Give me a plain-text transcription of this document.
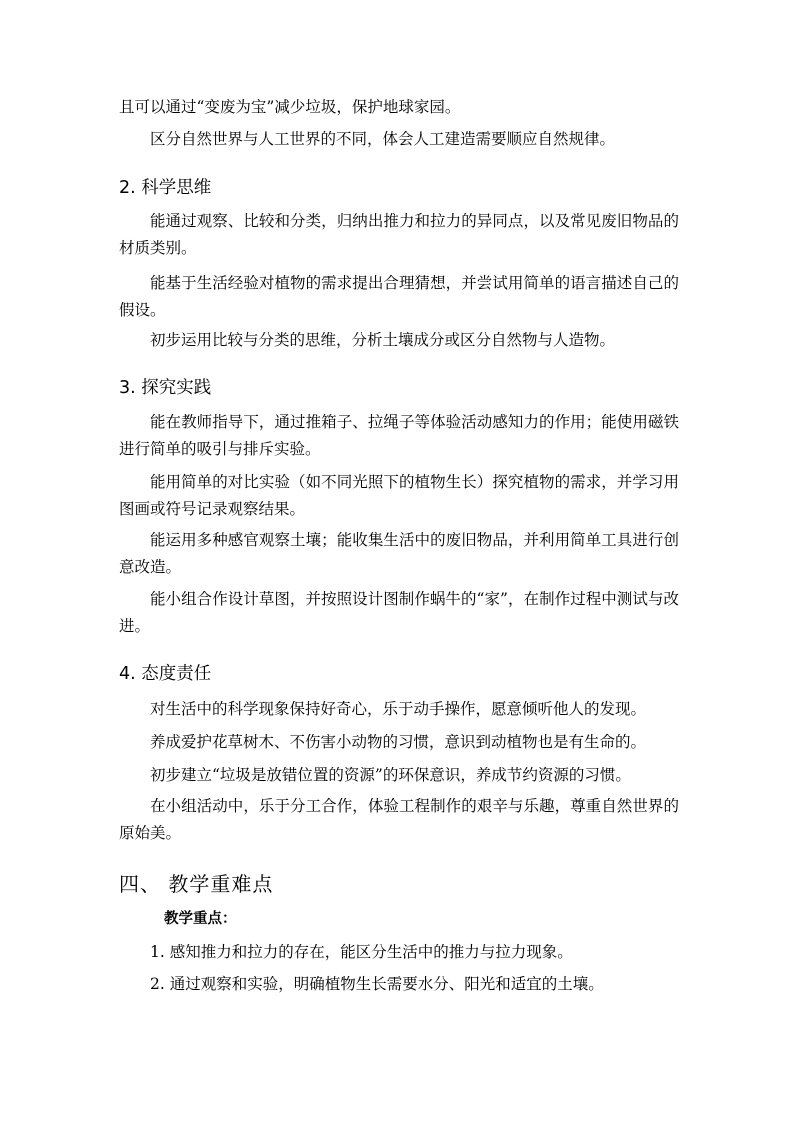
且可以通过“变废为宝”减少垃圾，保护地球家园。

区分自然世界与人工世界的不同，体会人工建造需要顺应自然规律。

2. 科学思维

能通过观察、比较和分类，归纳出推力和拉力的异同点，以及常见废旧物品的材质类别。

能基于生活经验对植物的需求提出合理猜想，并尝试用简单的语言描述自己的假设。

初步运用比较与分类的思维，分析土壤成分或区分自然物与人造物。

3. 探究实践

能在教师指导下，通过推箱子、拉绳子等体验活动感知力的作用；能使用磁铁进行简单的吸引与排斥实验。

能用简单的对比实验（如不同光照下的植物生长）探究植物的需求，并学习用图画或符号记录观察结果。

能运用多种感官观察土壤；能收集生活中的废旧物品，并利用简单工具进行创意改造。

能小组合作设计草图，并按照设计图制作蜗牛的“家”，在制作过程中测试与改进。

4. 态度责任

对生活中的科学现象保持好奇心，乐于动手操作，愿意倾听他人的发现。

养成爱护花草树木、不伤害小动物的习惯，意识到动植物也是有生命的。

初步建立“垃圾是放错位置的资源”的环保意识，养成节约资源的习惯。

在小组活动中，乐于分工合作，体验工程制作的艰辛与乐趣，尊重自然世界的原始美。

四、 教学重难点

教学重点：

1. 感知推力和拉力的存在，能区分生活中的推力与拉力现象。

2. 通过观察和实验，明确植物生长需要水分、阳光和适宜的土壤。
